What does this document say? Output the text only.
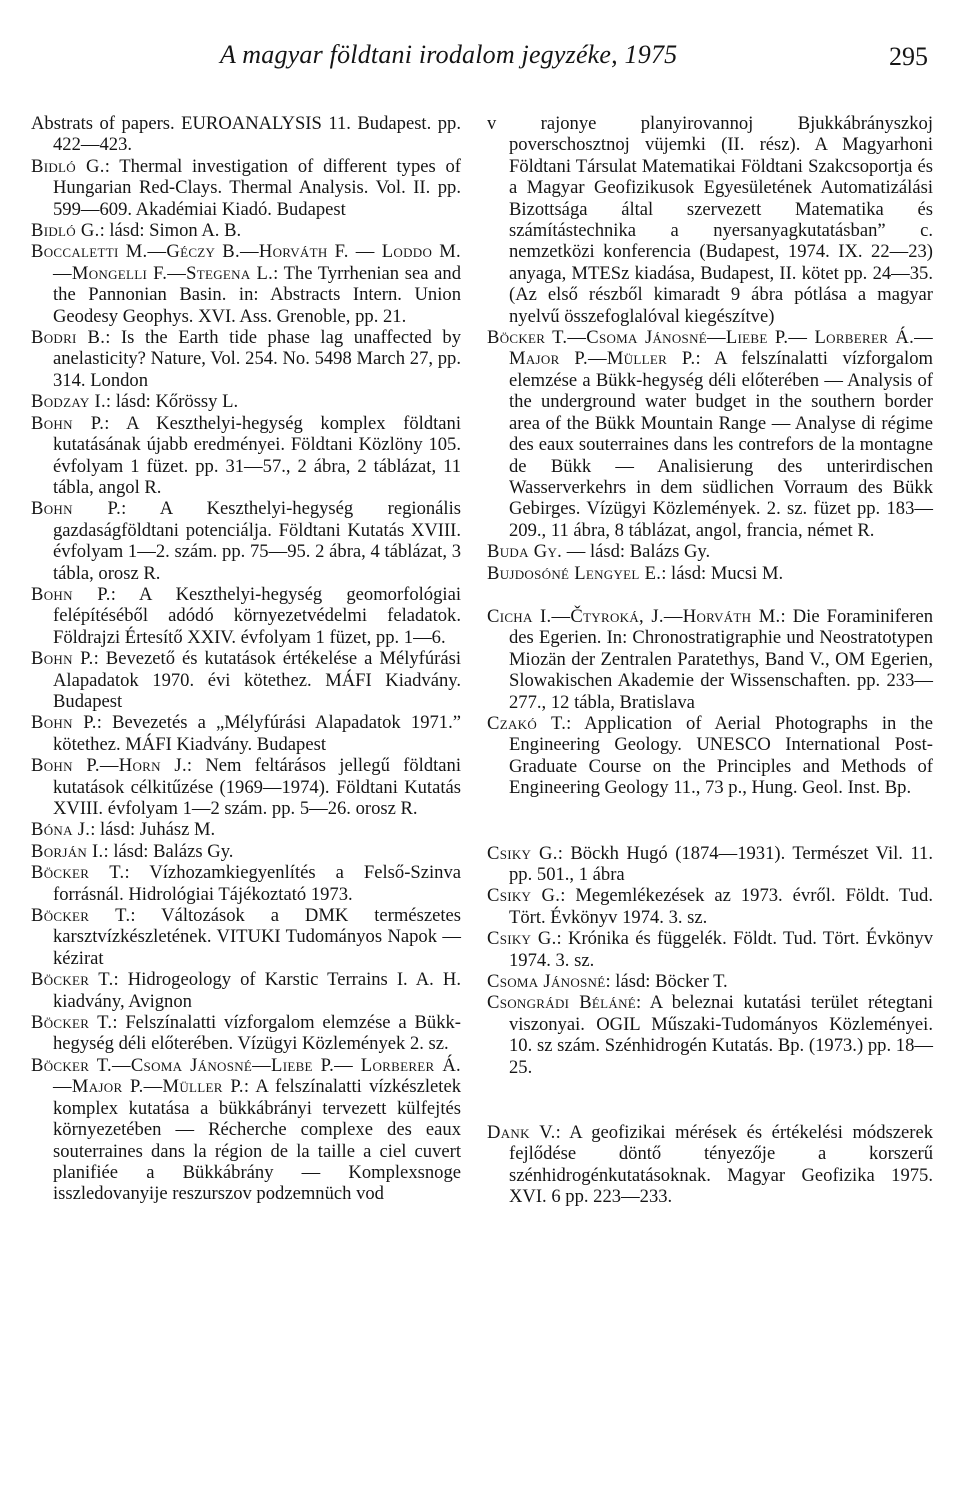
A magyar földtani irodalom jegyzéke, 1975	295

Abstrats of papers. EUROANALYSIS 11. Budapest. pp. 422—423.

Bidló G.: Thermal investigation of different types of Hungarian Red-Clays. Thermal Analysis. Vol. II. pp. 599—609. Akadémiai Kiadó. Budapest

Bidló G.: lásd: Simon A. B.

Boccaletti M.—Géczy B.—Horváth F. — Loddo M.—Mongelli F.—Stegena L.: The Tyrrhenian sea and the Pannonian Basin. in: Abstracts Intern. Union Geodesy Geophys. XVI. Ass. Grenoble, pp. 21.

Bodri B.: Is the Earth tide phase lag unaffected by anelasticity? Nature, Vol. 254. No. 5498 March 27, pp. 314. London

Bodzay I.: lásd: Kőrössy L.

Bohn P.: A Keszthelyi-hegység komplex földtani kutatásának újabb eredményei. Földtani Közlöny 105. évfolyam 1 füzet. pp. 31—57., 2 ábra, 2 táblázat, 11 tábla, angol R.

Bohn P.: A Keszthelyi-hegység regionális gazdaságföldtani potenciálja. Földtani Kutatás XVIII. évfolyam 1—2. szám. pp. 75—95. 2 ábra, 4 táblázat, 3 tábla, orosz R.

Bohn P.: A Keszthelyi-hegység geomorfológiai felépítéséből adódó környezetvédelmi feladatok. Földrajzi Értesítő XXIV. évfolyam 1 füzet, pp. 1—6.

Bohn P.: Bevezető és kutatások értékelése a Mélyfúrási Alapadatok 1970. évi kötethez. MÁFI Kiadvány. Budapest

Bohn P.: Bevezetés a „Mélyfúrási Alapadatok 1971.” kötethez. MÁFI Kiadvány. Budapest

Bohn P.—Horn J.: Nem feltárásos jellegű földtani kutatások célkitűzése (1969—1974). Földtani Kutatás XVIII. évfolyam 1—2 szám. pp. 5—26. orosz R.

Bóna J.: lásd: Juhász M.

Borján I.: lásd: Balázs Gy.

Böcker T.: Vízhozamkiegyenlítés a Felső-Szinva forrásnál. Hidrológiai Tájékoztató 1973.

Böcker T.: Változások a DMK természetes karsztvízkészletének. VITUKI Tudományos Napok — kézirat

Böcker T.: Hidrogeology of Karstic Terrains I. A. H. kiadvány, Avignon

Böcker T.: Felszínalatti vízforgalom elemzése a Bükk-hegység déli előterében. Vízügyi Közlemények 2. sz.

Böcker T.—Csoma Jánosné—Liebe P.— Lorberer Á.—Major P.—Müller P.: A felszínalatti vízkészletek komplex kutatása a bükkábrányi tervezett külfejtés környezetében — Récherche complexe des eaux souterraines dans la région de la taille a ciel cuvert planifiée a Bükkábrány — Komplexsnoge isszledovanyije reszurszov podzemnüch vod

v rajonye planyirovannoj Bjukkábrányszkoj poverschosztnoj vüjemki (II. rész). A Magyarhoni Földtani Társulat Matematikai Földtani Szakcsoportja és a Magyar Geofizikusok Egyesületének Automatizálási Bizottsága által szervezett Matematika és számítástechnika a nyersanyagkutatásban” c. nemzetközi konferencia (Budapest, 1974. IX. 22—23) anyaga, MTESz kiadása, Budapest, II. kötet pp. 24—35. (Az első részből kimaradt 9 ábra pótlása a magyar nyelvű összefoglalóval kiegészítve)

Böcker T.—Csoma Jánosné—Liebe P.— Lorberer Á.—Major P.—Müller P.: A felszínalatti vízforgalom elemzése a Bükk-hegység déli előterében — Analysis of the underground water budget in the southern border area of the Bükk Mountain Range — Analyse di régime des eaux souterraines dans les contrefors de la montagne de Bükk — Analisierung des unterirdischen Wasserverkehrs in dem südlichen Vorraum des Bükk Gebirges. Vízügyi Közlemények. 2. sz. füzet pp. 183—209., 11 ábra, 8 táblázat, angol, francia, német R.

Buda Gy. — lásd: Balázs Gy.

Bujdosóné Lengyel E.: lásd: Mucsi M.

Cicha I.—Čtyroká, J.—Horváth M.: Die Foraminiferen des Egerien. In: Chronostratigraphie und Neostratotypen Miozän der Zentralen Paratethys, Band V., OM Egerien, Slowakischen Akademie der Wissenschaften. pp. 233—277., 12 tábla, Bratislava

Czakó T.: Application of Aerial Photographs in the Engineering Geology. UNESCO International Post-Graduate Course on the Principles and Methods of Engineering Geology 11., 73 p., Hung. Geol. Inst. Bp.

Csiky G.: Böckh Hugó (1874—1931). Természet Vil. 11. pp. 501., 1 ábra

Csiky G.: Megemlékezések az 1973. évről. Földt. Tud. Tört. Évkönyv 1974. 3. sz.

Csiky G.: Krónika és függelék. Földt. Tud. Tört. Évkönyv 1974. 3. sz.

Csoma Jánosné: lásd: Böcker T.

Csongrádi Béláné: A beleznai kutatási terület rétegtani viszonyai. OGIL Műszaki-Tudományos Közleményei. 10. sz szám. Szénhidrogén Kutatás. Bp. (1973.) pp. 18—25.

Dank V.: A geofizikai mérések és értékelési módszerek fejlődése döntő tényezője a korszerű szénhidrogénkutatásoknak. Magyar Geofizika 1975. XVI. 6 pp. 223—233.
